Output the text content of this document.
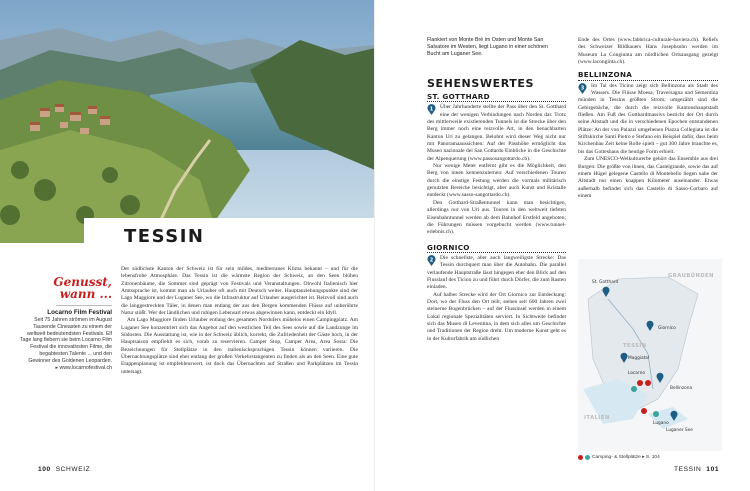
TESSIN
Genusst,
wann ...
Locarno Film Festival
Seit 75 Jahren strömen im August Tausende Cineasten zu einem der weltweit bedeutendsten Festivals. Elf Tage lang fiebern sie beim Locarno Film Festival die innovativsten Filme, die begabtesten Talente ... und den Gewinner des Goldenen Leoparden.
▸ www.locarnofestival.ch

Der südlichste Kanton der Schweiz ist für sein mildes, mediterranes Klima bekannt – und für die lebensfrohe Atmosphäre. Das Tessin ist die wärmste Region der Schweiz, an den Seen blühen Zitronenbäume, die Sommer sind geprägt von Festivals und Veranstaltungen. Obwohl Italienisch hier Amtssprache ist, kommt man als Urlauber oft auch mit Deutsch weiter. Hauptanziehungspunkte sind der Lago Maggiore und der Luganer See, wo die Infrastruktur auf Urlauber ausgerichtet ist. Reizvoll sind auch die langgestreckten Täler, in denen man entlang der aus den Bergen kommenden Flüsse auf unberührte Natur stößt. Wer der ländlichen und ruhigen Lebensart etwas abgewinnen kann, entdeckt ein Idyll.

Am Lago Maggiore finden Urlauber entlang des gesamten Nordufers mühelos einen Campingplatz. Am Luganer See konzentriert sich das Angebot auf den westlichen Teil des Sees sowie auf die Landzunge im Südosten. Die Ausstattung ist, wie in der Schweiz üblich, korrekt, die Zufriedenheit der Gäste hoch, in der Hauptsaison empfiehlt es sich, vorab zu reservieren. Camper Stop, Camper Area, Area Sosta: Die Bezeichnungen für Stellplätze in den italienischsprachigen Tessin können variieren. Die Übernachtungsplätze sind eher entlang der großen Verkehrstangenten zu finden als an den Seen. Eine gute Etappenplanung ist empfehlenswert, ist doch das Übernachten auf Straßen und Parkplätzen im Tessin untersagt.

100 SCHWEIZ
Flankiert von Monte Brè im Osten und Monte San Salvatore im Westen, liegt Lugano in einer schönen Bucht am Luganer See.
SEHENSWERTES
ST. GOTTHARD

1 Über Jahrhunderte stellte der Pass über den St. Gotthard eine der wenigen Verbindungen nach Norden dar. Trotz des mittlerweile existierenden Tunnels ist die Strecke über den Berg immer noch eine reizvolle Art, in den benachbarten Kanton Uri zu gelangen. Belohnt wird dieser Weg nicht nur mit Panoramaaussichten: Auf der Passhöhe ermöglicht das Museo nazionale del San Gottardo Einblicke in die Geschichte der Alpenquerung (www.passosangottardo.ch).

Nur wenige Meter entfernt gibt es die Möglichkeit, den Berg von innen kennenzulernen: Auf verschiedenen Touren durch die einstige Festung werden die vormals militärisch genutzten Bereiche besichtigt, aber auch Kunst und Kristalle entdeckt (www.sasso-sangottardo.ch).

Den Gotthard-Straßentunnel kann man besichtigen, allerdings nur von Uri aus. Touren in den weltweit tiefsten Eisenbahntunnel werden ab dem Bahnhof Erstfeld angeboten; die Führungen müssen vorgebucht werden (www.tunnel-erlebnis.ch).

GIORNICO

2 Die schnellste, aber auch langweiligste Strecke: Das Tessin durchquert man über die Autobahn. Die parallel verlaufende Hauptstraße lässt hingegen eher den Blick auf den Flusslauf des Ticino zu und führt durch Dörfer, die zum Rasten einladen.

Auf halber Strecke wird der Ort Giornico zur Entdeckung: Dort, wo der Fluss den Ort teilt, stehen seit 600 Jahren zwei steinerne Bogenbrücken – auf der Flussinsel werden in einem Lokal regionale Spezialitäten serviert. In Sichtweite befindet sich das Museo di Leventina, in dem sich alles um Geschichte und Traditionen der Region dreht. Um moderne Kunst geht es in der Kulturfabrik am südlichen

Ende des Ortes (www.fabbrica-culturale-baviera.ch). Reliefs des Schweizer Bildhauers Hans Josephsohn werden im Museum La Congiunta am nördlichen Ortsausgang gezeigt (www.laconginta.ch).

BELLINZONA

3 Im Tal des Ticino zeigt sich Bellinzona als Stadt des Wassers. Die Flüsse Moesa, Traversagna und Sementina münden in Tessins größten Strom; umgezählt sind die Gebirgsbäche, die durch die reizvolle Kantonshauptstadt fließen. Am Fuß des Gotthardmassivs besticht der Ort durch seine Altstadt und die in verschiedenen Epochen entstandenen Plätze: An der von Palazzi umgebenen Piazza Collegiata ist die Stiftskirche Santi Pietro e Stefano ein Beispiel dafür, dass beim Kirchenbau Zeit keine Rolle spielt – gut 300 Jahre brauchte es, bis das Gotteshaus die heutige Form erhielt.

Zum UNESCO-Welkulturerbe gehört das Ensemble aus drei Burgen: Die größte von ihnen, das Castelgrande, sowie das auf einem Hügel gelegene Castello di Montebello liegen nahe der Altstadt nur einen knappen Kilometer auseinander. Etwas außerhalb befindet sich das Castello di Sasso-Corbaro auf einem

St. Gotthard
Giornico
Maggiatal
Locarno
Bellinzona
Lugano
Luganer See
TESSIN
GRAUBÜNDEN
ITALIEN
Camping- & Stellplätze ▸ S. 104
TESSIN 101
